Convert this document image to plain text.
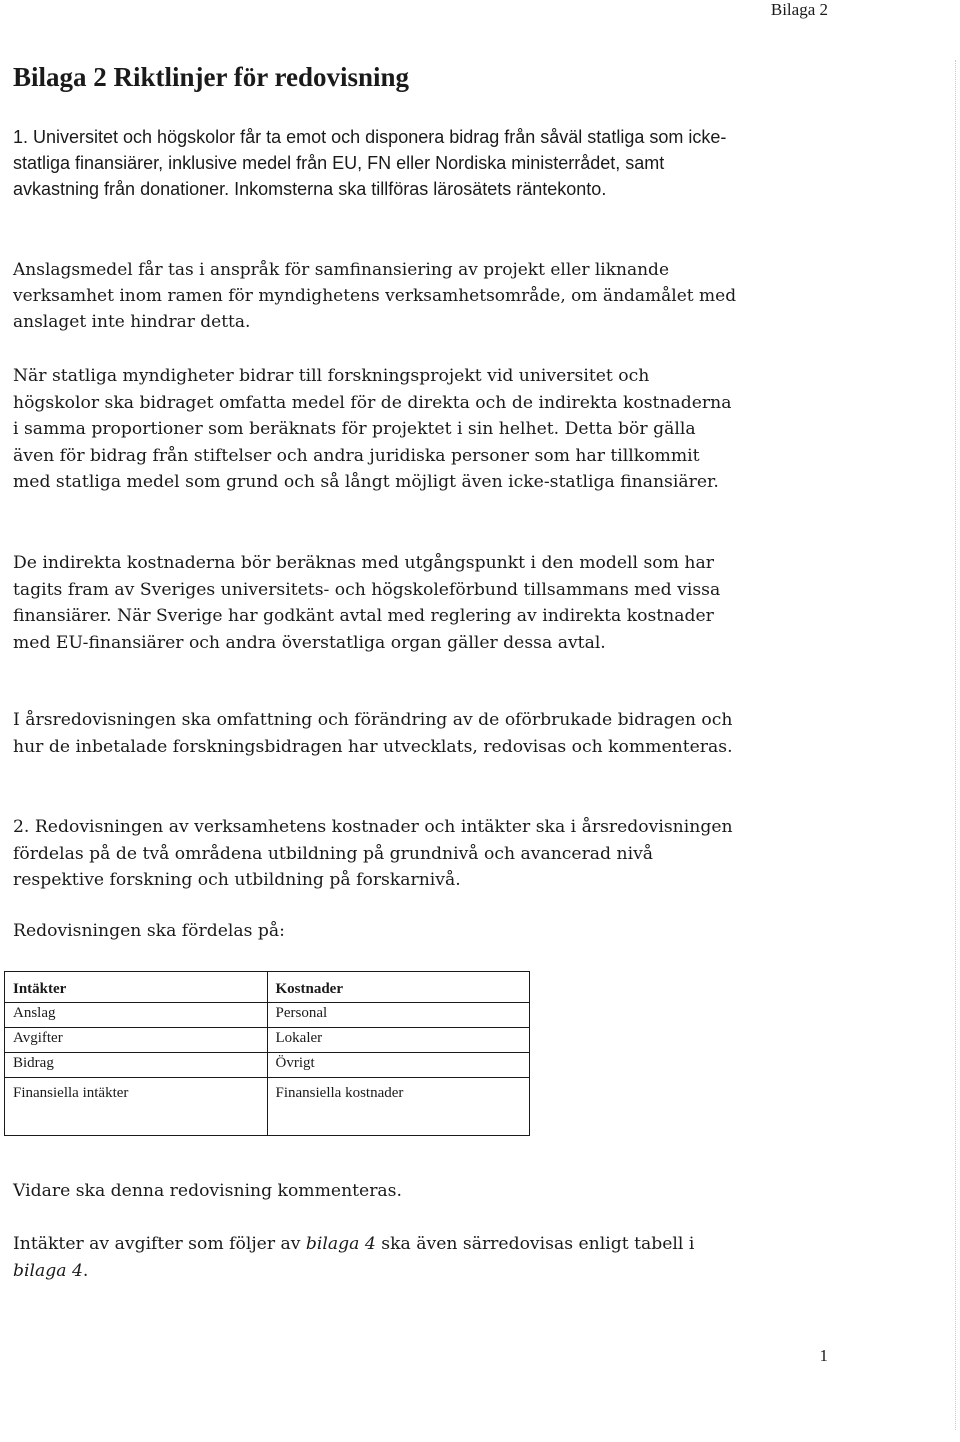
Bilaga 2
Bilaga 2 Riktlinjer för redovisning

1. Universitet och högskolor får ta emot och disponera bidrag från såväl statliga som icke-statliga finansiärer, inklusive medel från EU, FN eller Nordiska ministerrådet, samt avkastning från donationer. Inkomsterna ska tillföras lärosätets räntekonto.

Anslagsmedel får tas i anspråk för samfinansiering av projekt eller liknande verksamhet inom ramen för myndighetens verksamhetsområde, om ändamålet med anslaget inte hindrar detta.

När statliga myndigheter bidrar till forskningsprojekt vid universitet och högskolor ska bidraget omfatta medel för de direkta och de indirekta kostnaderna i samma proportioner som beräknats för projektet i sin helhet. Detta bör gälla även för bidrag från stiftelser och andra juridiska personer som har tillkommit med statliga medel som grund och så långt möjligt även icke-statliga finansiärer.

De indirekta kostnaderna bör beräknas med utgångspunkt i den modell som har tagits fram av Sveriges universitets- och högskoleförbund tillsammans med vissa finansiärer. När Sverige har godkänt avtal med reglering av indirekta kostnader med EU-finansiärer och andra överstatliga organ gäller dessa avtal.

I årsredovisningen ska omfattning och förändring av de oförbrukade bidragen och hur de inbetalade forskningsbidragen har utvecklats, redovisas och kommenteras.

2. Redovisningen av verksamhetens kostnader och intäkter ska i årsredovisningen fördelas på de två områdena utbildning på grundnivå och avancerad nivå respektive forskning och utbildning på forskarnivå.

Redovisningen ska fördelas på:

Intäkter	Kostnader
Anslag	Personal
Avgifter	Lokaler
Bidrag	Övrigt
Finansiella intäkter	Finansiella kostnader

Vidare ska denna redovisning kommenteras.

Intäkter av avgifter som följer av bilaga 4 ska även särredovisas enligt tabell i bilaga 4.

1
